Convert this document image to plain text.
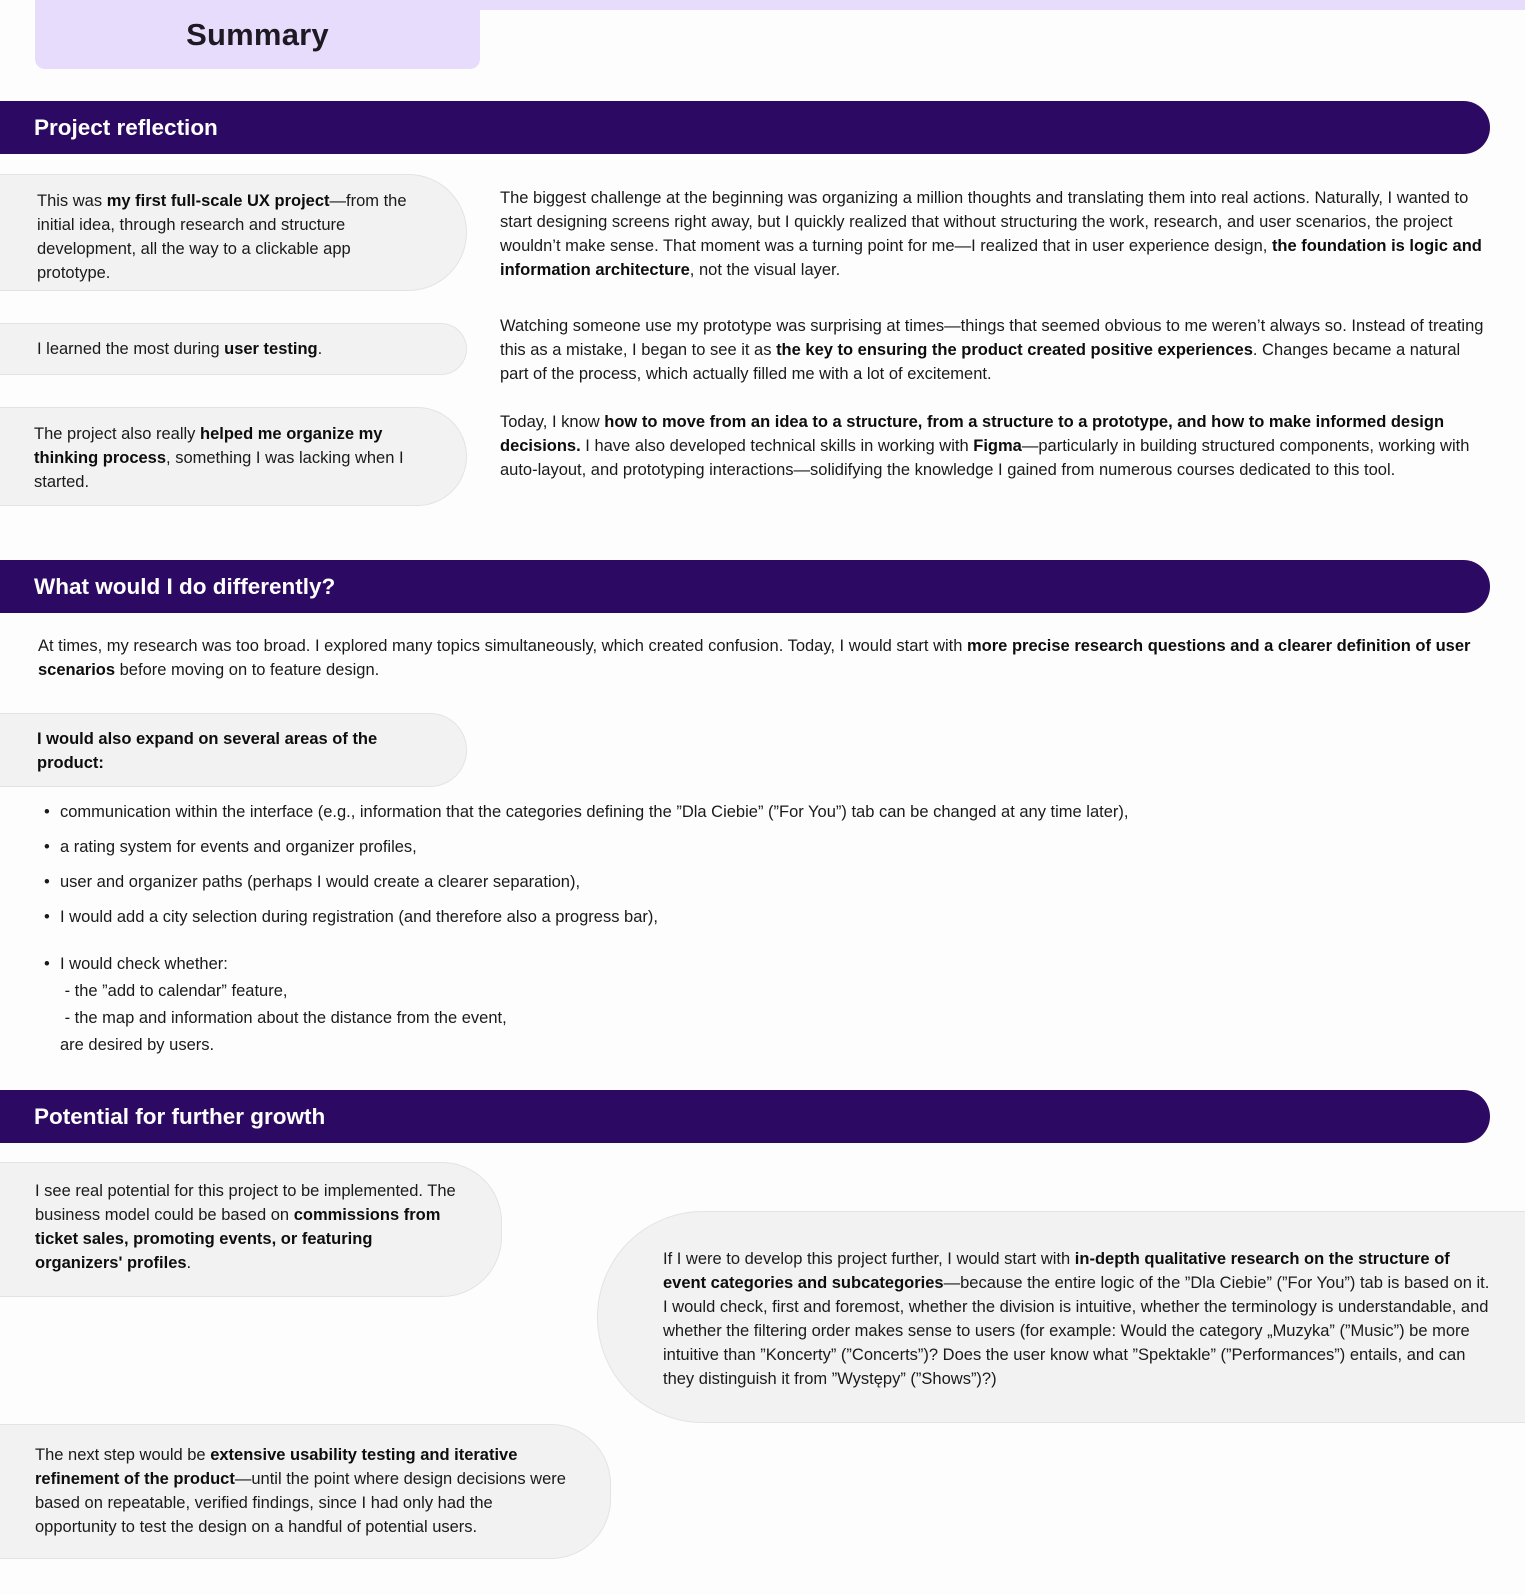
Summary
Project reflection
This was my first full-scale UX project—from the initial idea, through research and structure development, all the way to a clickable app prototype.
I learned the most during user testing.
The project also really helped me organize my thinking process, something I was lacking when I started.
The biggest challenge at the beginning was organizing a million thoughts and translating them into real actions. Naturally, I wanted to start designing screens right away, but I quickly realized that without structuring the work, research, and user scenarios, the project wouldn’t make sense. That moment was a turning point for me—I realized that in user experience design, the foundation is logic and information architecture, not the visual layer.
Watching someone use my prototype was surprising at times—things that seemed obvious to me weren’t always so. Instead of treating this as a mistake, I began to see it as the key to ensuring the product created positive experiences. Changes became a natural part of the process, which actually filled me with a lot of excitement.
Today, I know how to move from an idea to a structure, from a structure to a prototype, and how to make informed design decisions. I have also developed technical skills in working with Figma—particularly in building structured components, working with auto-layout, and prototyping interactions—solidifying the knowledge I gained from numerous courses dedicated to this tool.
What would I do differently?
At times, my research was too broad. I explored many topics simultaneously, which created confusion. Today, I would start with more precise research questions and a clearer definition of user scenarios before moving on to feature design.
I would also expand on several areas of the product:
• communication within the interface (e.g., information that the categories defining the ”Dla Ciebie” (”For You”) tab can be changed at any time later),
• a rating system for events and organizer profiles,
• user and organizer paths (perhaps I would create a clearer separation),
• I would add a city selection during registration (and therefore also a progress bar),
• I would check whether:
- the ”add to calendar” feature,
- the map and information about the distance from the event,
are desired by users.
Potential for further growth
I see real potential for this project to be implemented. The business model could be based on commissions from ticket sales, promoting events, or featuring organizers' profiles.	If I were to develop this project further, I would start with in-depth qualitative research on the structure of event categories and subcategories—because the entire logic of the ”Dla Ciebie” (”For You”) tab is based on it. I would check, first and foremost, whether the division is intuitive, whether the terminology is understandable, and whether the filtering order makes sense to users (for example: Would the category „Muzyka” (”Music”) be more intuitive than ”Koncerty” (”Concerts”)? Does the user know what ”Spektakle” (”Performances”) entails, and can they distinguish it from ”Występy” (”Shows”)?)
The next step would be extensive usability testing and iterative refinement of the product—until the point where design decisions were based on repeatable, verified findings, since I had only had the opportunity to test the design on a handful of potential users.
